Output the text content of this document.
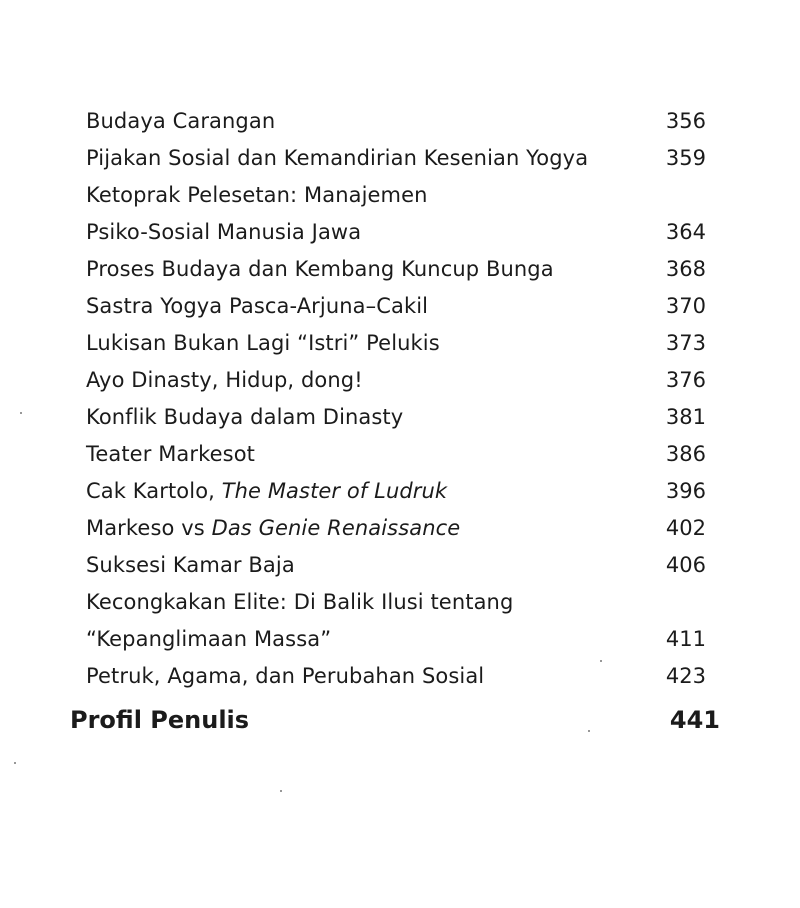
Budaya Carangan	356
Pijakan Sosial dan Kemandirian Kesenian Yogya	359
Ketoprak Pelesetan: Manajemen
Psiko-Sosial Manusia Jawa	364
Proses Budaya dan Kembang Kuncup Bunga	368
Sastra Yogya Pasca-Arjuna–Cakil	370
Lukisan Bukan Lagi “Istri” Pelukis	373
Ayo Dinasty, Hidup, dong!	376
Konflik Budaya dalam Dinasty	381
Teater Markesot	386
Cak Kartolo, The Master of Ludruk	396
Markeso vs Das Genie Renaissance	402
Suksesi Kamar Baja	406
Kecongkakan Elite: Di Balik Ilusi tentang
“Kepanglimaan Massa”	411
Petruk, Agama, dan Perubahan Sosial	423
Profil Penulis	441
